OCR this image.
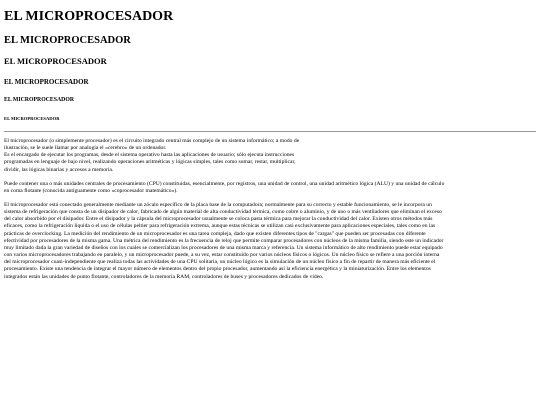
EL MICROPROCESADOR
EL MICROPROCESADOR
EL MICROPROCESADOR
EL MICROPROCESADOR
EL MICROPROCESADOR
EL MICROPROCESADOR

El microprocesador (o simplemente procesador) es el circuito integrado central más complejo de un sistema informático; a modo de
ilustración, se le suele llamar por analogía el «cerebro» de un ordenador.
Es el encargado de ejecutar los programas, desde el sistema operativo hasta las aplicaciones de usuario; sólo ejecuta instrucciones
programadas en lenguaje de bajo nivel, realizando operaciones aritméticas y lógicas simples, tales como sumar, restar, multiplicar,
dividir, las lógicas binarias y accesos a memoria.

Puede contener una o más unidades centrales de procesamiento (CPU) constituidas, esencialmente, por registros, una unidad de control, una unidad aritmético lógica (ALU) y una unidad de cálculo
en coma flotante (conocida antiguamente como «coprocesador matemático»).

El microprocesador está conectado generalmente mediante un zócalo específico de la placa base de la computadora; normalmente para su correcto y estable funcionamiento, se le incorpora un
sistema de refrigeración que consta de un disipador de calor, fabricado de algún material de alta conductividad térmica, como cobre o aluminio, y de uno o más ventiladores que eliminan el exceso
del calor absorbido por el disipador. Entre el disipador y la cápsula del microprocesador usualmente se coloca pasta térmica para mejorar la conductividad del calor. Existen otros métodos más
eficaces, como la refrigeración líquida o el uso de células peltier para refrigeración extrema, aunque estas técnicas se utilizan casi exclusivamente para aplicaciones especiales, tales como en las
prácticas de overclocking. La medición del rendimiento de un microprocesador es una tarea compleja, dado que existen diferentes tipos de "cargas" que pueden ser procesadas con diferente
efectividad por procesadores de la misma gama. Una métrica del rendimiento es la frecuencia de reloj que permite comparar procesadores con núcleos de la misma familia, siendo este un indicador
muy limitado dada la gran variedad de diseños con los cuales se comercializan los procesadores de una misma marca y referencia. Un sistema informático de alto rendimiento puede estar equipado
con varios microprocesadores trabajando en paralelo, y un microprocesador puede, a su vez, estar constituido por varios núcleos físicos o lógicos. Un núcleo físico se refiere a una porción interna
del microprocesador cuasi-independiente que realiza todas las actividades de una CPU solitaria, un núcleo lógico es la simulación de un núcleo físico a fin de repartir de manera más eficiente el
procesamiento. Existe una tendencia de integrar el mayor número de elementos dentro del propio procesador, aumentando así la eficiencia energética y la miniaturización. Entre los elementos
integrados están las unidades de punto flotante, controladores de la memoria RAM, controladores de buses y procesadores dedicados de vídeo.
